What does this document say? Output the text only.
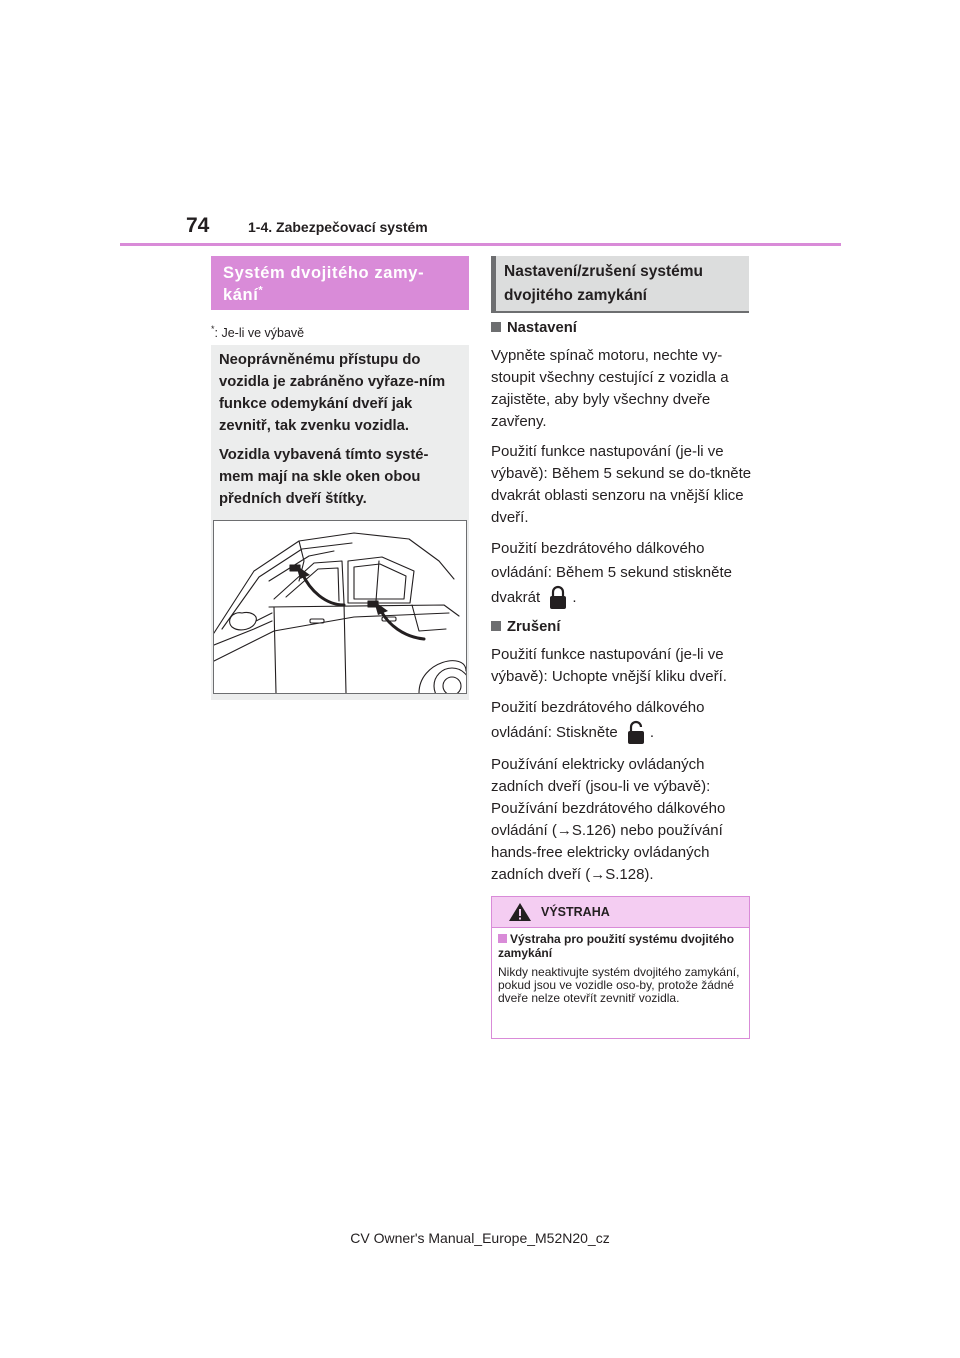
74	1-4. Zabezpečovací systém
Systém dvojitého zamy-
kání*
*: Je-li ve výbavě

Neoprávněnému přístupu do vozidla je zabráněno vyřaze-ním funkce odemykání dveří jak zevnitř, tak zvenku vozidla.

Vozidla vybavená tímto systé-mem mají na skle oken obou předních dveří štítky.

Nastavení/zrušení systému
dvojitého zamykání
Nastavení

Vypněte spínač motoru, nechte vy-stoupit všechny cestující z vozidla a zajistěte, aby byly všechny dveře zavřeny.

Použití funkce nastupování (je-li ve výbavě): Během 5 sekund se do-tkněte dvakrát oblasti senzoru na vnější klice dveří.

Použití bezdrátového dálkového ovládání: Během 5 sekund stiskněte dvakrát .

Zrušení

Použití funkce nastupování (je-li ve výbavě): Uchopte vnější kliku dveří.

Použití bezdrátového dálkového ovládání: Stiskněte .

Používání elektricky ovládaných zadních dveří (jsou-li ve výbavě): Používání bezdrátového dálkového ovládání (→S.126) nebo používání hands-free elektricky ovládaných zadních dveří (→S.128).

VÝSTRAHA
Výstraha pro použití systému dvojitého zamykání
Nikdy neaktivujte systém dvojitého zamykání, pokud jsou ve vozidle oso-by, protože žádné dveře nelze otevřít zevnitř vozidla.
CV Owner's Manual_Europe_M52N20_cz
